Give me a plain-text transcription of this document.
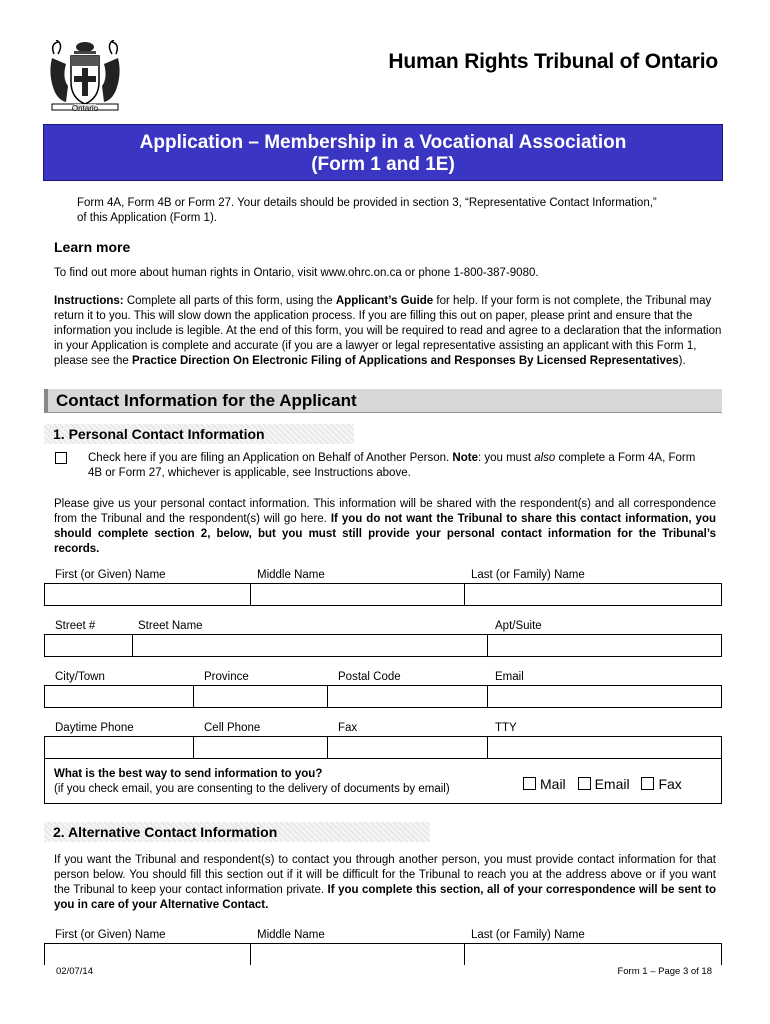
Ontario
Human Rights Tribunal of Ontario
Application – Membership in a Vocational Association
(Form 1 and 1E)
Form 4A, Form 4B or Form 27. Your details should be provided in section 3, “Representative Contact Information,”
of this Application (Form 1).
Learn more
To find out more about human rights in Ontario, visit www.ohrc.on.ca or phone 1-800-387-9080.
Instructions: Complete all parts of this form, using the Applicant’s Guide for help. If your form is not complete, the Tribunal may return it to you. This will slow down the application process. If you are filling this out on paper, please print and ensure that the information you include is legible. At the end of this form, you will be required to read and agree to a declaration that the information in your Application is complete and accurate (if you are a lawyer or legal representative assisting an applicant with this Form 1, please see the Practice Direction On Electronic Filing of Applications and Responses By Licensed Representatives).
Contact Information for the Applicant
1. Personal Contact Information
Check here if you are filing an Application on Behalf of Another Person. Note: you must also complete a Form 4A, Form 4B or Form 27, whichever is applicable, see Instructions above.
Please give us your personal contact information. This information will be shared with the respondent(s) and all correspondence from the Tribunal and the respondent(s) will go here. If you do not want the Tribunal to share this contact information, you should complete section 2, below, but you must still provide your personal contact information for the Tribunal’s records.
First (or Given) Name	Middle Name	Last (or Family) Name
Street #	Street Name	Apt/Suite
City/Town	Province	Postal Code	Email
Daytime Phone	Cell Phone	Fax	TTY
What is the best way to send information to you?
(if you check email, you are consenting to the delivery of documents by email)	Mail Email Fax
2. Alternative Contact Information
If you want the Tribunal and respondent(s) to contact you through another person, you must provide contact information for that person below. You should fill this section out if it will be difficult for the Tribunal to reach you at the address above or if you want the Tribunal to keep your contact information private. If you complete this section, all of your correspondence will be sent to you in care of your Alternative Contact.
First (or Given) Name	Middle Name	Last (or Family) Name
02/07/14	Form 1 – Page 3 of 18
